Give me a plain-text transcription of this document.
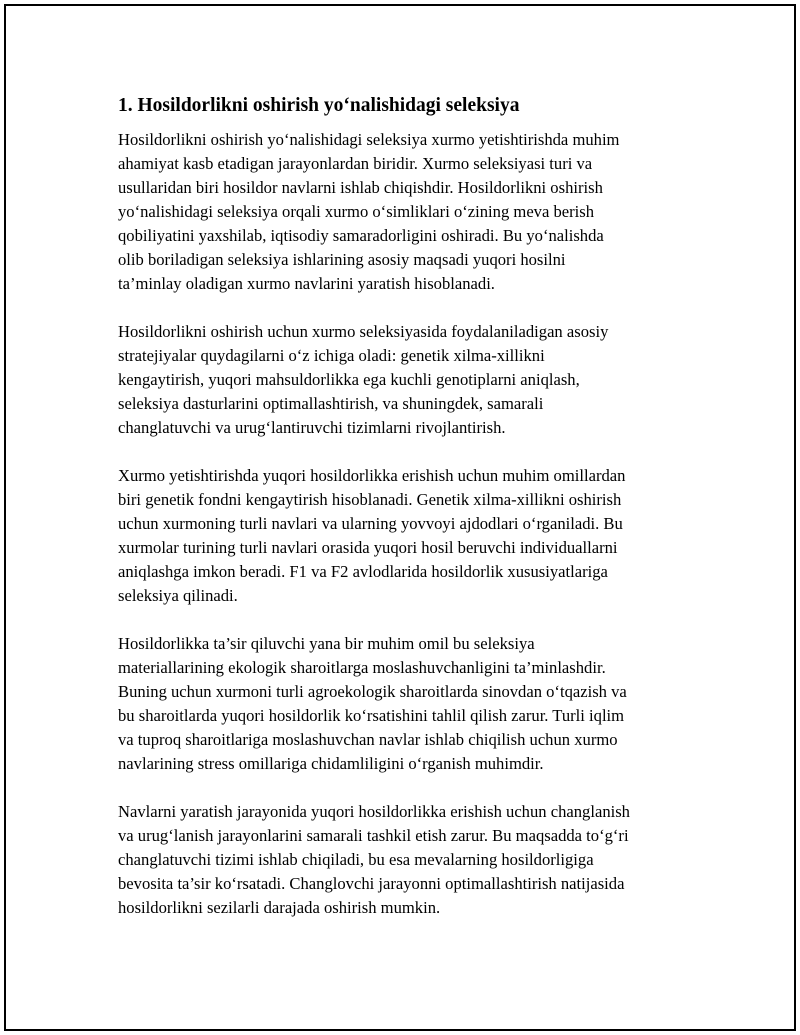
1. Hosildorlikni oshirish yo‘nalishidagi seleksiya

Hosildorlikni oshirish yo‘nalishidagi seleksiya xurmo yetishtirishda muhim
ahamiyat kasb etadigan jarayonlardan biridir. Xurmo seleksiyasi turi va
usullaridan biri hosildor navlarni ishlab chiqishdir. Hosildorlikni oshirish
yo‘nalishidagi seleksiya orqali xurmo o‘simliklari o‘zining meva berish
qobiliyatini yaxshilab, iqtisodiy samaradorligini oshiradi. Bu yo‘nalishda
olib boriladigan seleksiya ishlarining asosiy maqsadi yuqori hosilni
ta’minlay oladigan xurmo navlarini yaratish hisoblanadi.

Hosildorlikni oshirish uchun xurmo seleksiyasida foydalaniladigan asosiy
stratejiyalar quydagilarni o‘z ichiga oladi: genetik xilma-xillikni
kengaytirish, yuqori mahsuldorlikka ega kuchli genotiplarni aniqlash,
seleksiya dasturlarini optimallashtirish, va shuningdek, samarali
changlatuvchi va urug‘lantiruvchi tizimlarni rivojlantirish.

Xurmo yetishtirishda yuqori hosildorlikka erishish uchun muhim omillardan
biri genetik fondni kengaytirish hisoblanadi. Genetik xilma-xillikni oshirish
uchun xurmoning turli navlari va ularning yovvoyi ajdodlari o‘rganiladi. Bu
xurmolar turining turli navlari orasida yuqori hosil beruvchi individuallarni
aniqlashga imkon beradi. F1 va F2 avlodlarida hosildorlik xususiyatlariga
seleksiya qilinadi.

Hosildorlikka ta’sir qiluvchi yana bir muhim omil bu seleksiya
materiallarining ekologik sharoitlarga moslashuvchanligini ta’minlashdir.
Buning uchun xurmoni turli agroekologik sharoitlarda sinovdan o‘tqazish va
bu sharoitlarda yuqori hosildorlik ko‘rsatishini tahlil qilish zarur. Turli iqlim
va tuproq sharoitlariga moslashuvchan navlar ishlab chiqilish uchun xurmo
navlarining stress omillariga chidamliligini o‘rganish muhimdir.

Navlarni yaratish jarayonida yuqori hosildorlikka erishish uchun changlanish
va urug‘lanish jarayonlarini samarali tashkil etish zarur. Bu maqsadda to‘g‘ri
changlatuvchi tizimi ishlab chiqiladi, bu esa mevalarning hosildorligiga
bevosita ta’sir ko‘rsatadi. Changlovchi jarayonni optimallashtirish natijasida
hosildorlikni sezilarli darajada oshirish mumkin.
